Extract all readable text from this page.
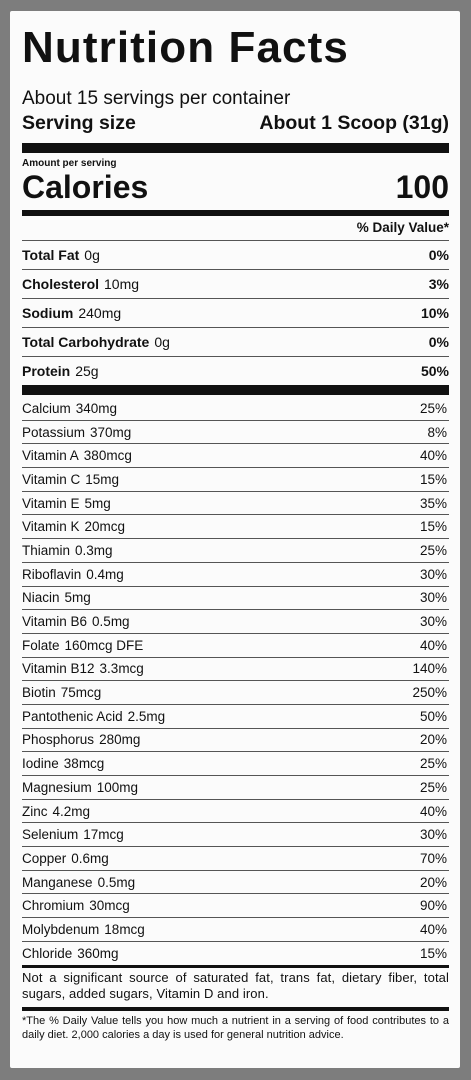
Nutrition Facts
About 15 servings per container
Serving size	About 1 Scoop (31g)
Amount per serving
Calories	100
% Daily Value*
Total Fat 0g	0%
Cholesterol 10mg	3%
Sodium 240mg	10%
Total Carbohydrate 0g	0%
Protein 25g	50%
Calcium 340mg	25%
Potassium 370mg	8%
Vitamin A 380mcg	40%
Vitamin C 15mg	15%
Vitamin E 5mg	35%
Vitamin K 20mcg	15%
Thiamin 0.3mg	25%
Riboflavin 0.4mg	30%
Niacin 5mg	30%
Vitamin B6 0.5mg	30%
Folate 160mcg DFE	40%
Vitamin B12 3.3mcg	140%
Biotin 75mcg	250%
Pantothenic Acid 2.5mg	50%
Phosphorus 280mg	20%
Iodine 38mcg	25%
Magnesium 100mg	25%
Zinc 4.2mg	40%
Selenium 17mcg	30%
Copper 0.6mg	70%
Manganese 0.5mg	20%
Chromium 30mcg	90%
Molybdenum 18mcg	40%
Chloride 360mg	15%
Not a significant source of saturated fat, trans fat, dietary fiber, total sugars, added sugars, Vitamin D and iron.
*The % Daily Value tells you how much a nutrient in a serving of food contributes to a daily diet. 2,000 calories a day is used for general nutrition advice.
